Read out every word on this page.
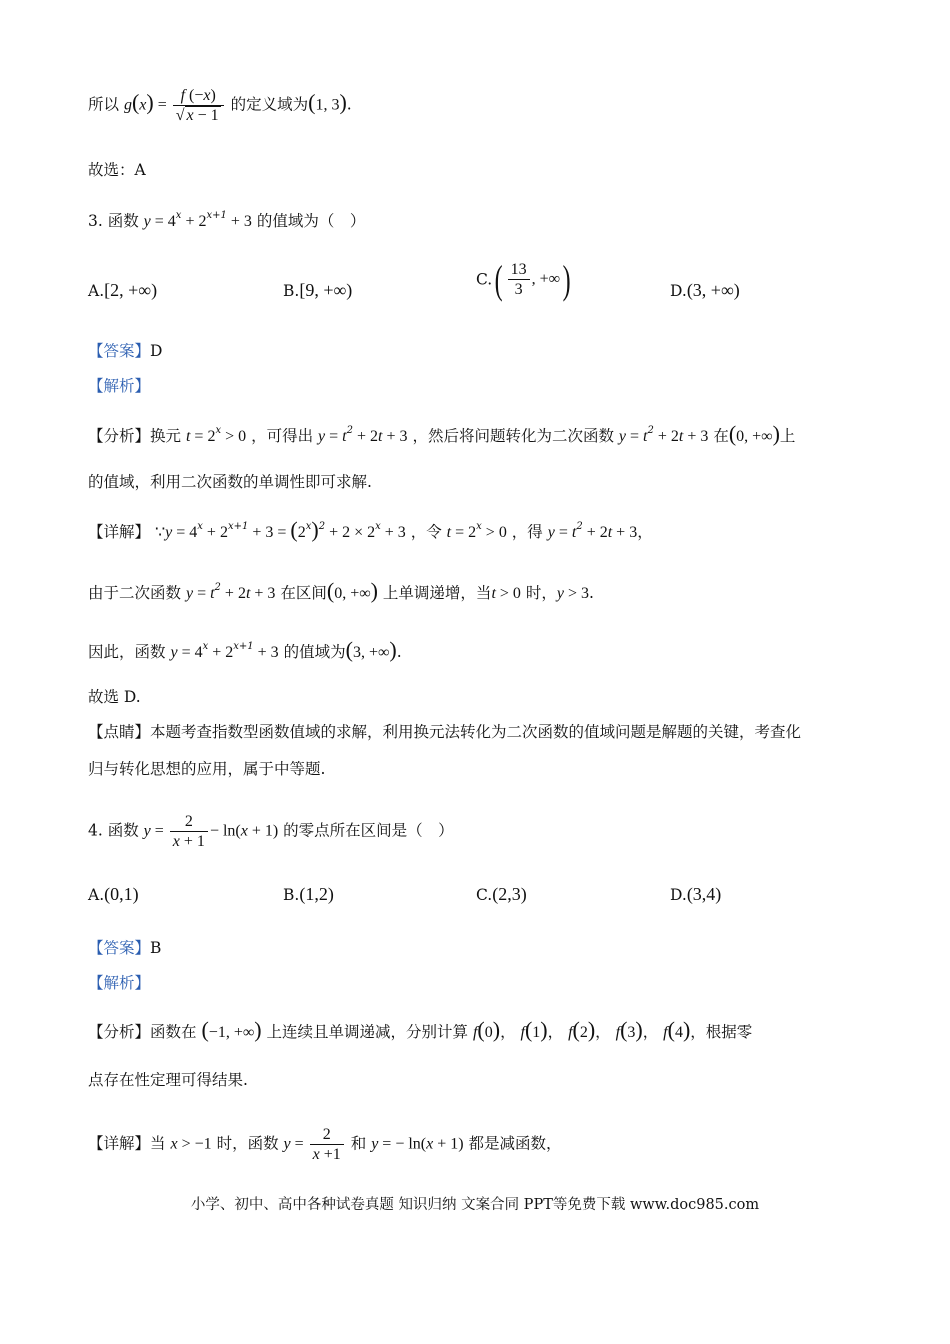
所以 $g(x) = \frac{f (-x)}{√ x - 1}$ 的定义域为(1, 3).
故选：A
3. 函数 $y = 4^x + 2^{x+1} + 3$ 的值域为（　）
A.[2, +∞)	B.[9, +∞)
$C.( \frac{13}{3}$ , +∞)	D.(3, +∞)
【答案】D
【解析】
【分析】换元 $t = 2^x > 0$ ，可得出 $y = t^2 + 2t + 3$ ，然后将问题转化为二次函数 $y = t^2 + 2t + 3$ 在(0, +∞)上
的值域，利用二次函数的单调性即可求解.
【详解】 ∵y = $4^x + 2^{x+1} + 3 = (2^x)^2 + 2 \times 2^x + 3$ ，令 $t = 2^x > 0$ ，得 $y = t^2 + 2t + 3$，
由于二次函数 $y = t^2 + 2t + 3$ 在区间(0, +∞) 上单调递增，当t > 0 时，y > 3.
因此，函数 $y = 4^x + 2^{x+1} + 3$ 的值域为(3, +∞).
故选 D.
【点睛】本题考查指数型函数值域的求解，利用换元法转化为二次函数的值域问题是解题的关键，考查化
归与转化思想的应用，属于中等题.
4. 函数 $y = \frac{2}{x + 1} - \ln(x + 1)$ 的零点所在区间是（　）
A.(0,1)	B.(1,2)	C.(2,3)	D.(3,4)
【答案】B
【解析】
【分析】函数在 (−1, +∞) 上连续且单调递减，分别计算 f(0)， f(1)， f(2)， f(3)， f(4)，根据零
点存在性定理可得结果.
【详解】当 x > −1 时，函数 $y = \frac{2}{x +1}$ 和 y = − ln(x + 1) 都是减函数，
小学、初中、高中各种试卷真题 知识归纳 文案合同 PPT等免费下载 www.doc985.com
